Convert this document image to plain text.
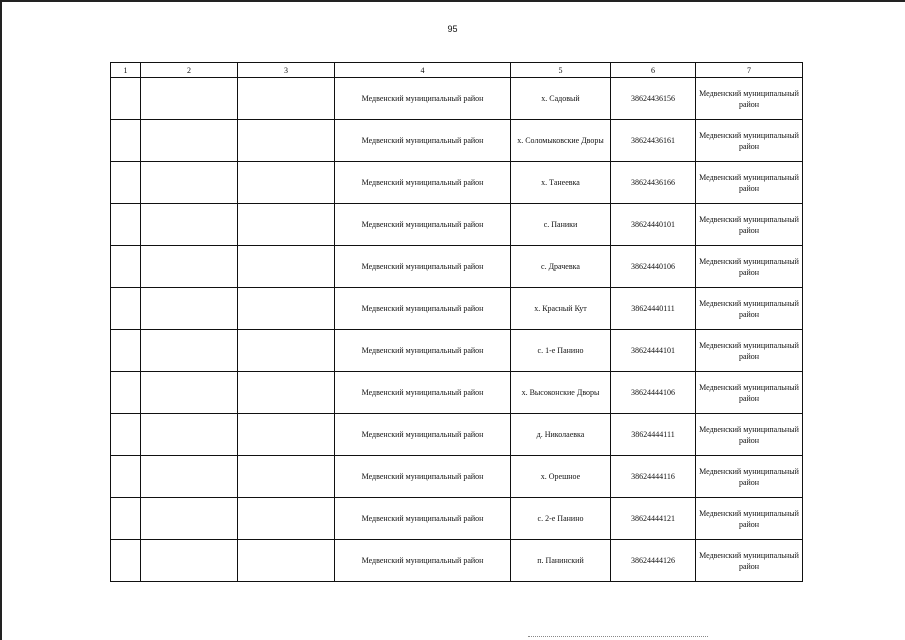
95
1	2	3	4	5	6	7
			Медвенский муниципальный район	х. Садовый	38624436156	Медвенский муниципальный район
			Медвенский муниципальный район	х. Соломыковские Дворы	38624436161	Медвенский муниципальный район
			Медвенский муниципальный район	х. Танеевка	38624436166	Медвенский муниципальный район
			Медвенский муниципальный район	с. Паники	38624440101	Медвенский муниципальный район
			Медвенский муниципальный район	с. Драчевка	38624440106	Медвенский муниципальный район
			Медвенский муниципальный район	х. Красный Кут	38624440111	Медвенский муниципальный район
			Медвенский муниципальный район	с. 1-е Панино	38624444101	Медвенский муниципальный район
			Медвенский муниципальный район	х. Высоконские Дворы	38624444106	Медвенский муниципальный район
			Медвенский муниципальный район	д. Николаевка	38624444111	Медвенский муниципальный район
			Медвенский муниципальный район	х. Орешное	38624444116	Медвенский муниципальный район
			Медвенский муниципальный район	с. 2-е Панино	38624444121	Медвенский муниципальный район
			Медвенский муниципальный район	п. Панинский	38624444126	Медвенский муниципальный район
